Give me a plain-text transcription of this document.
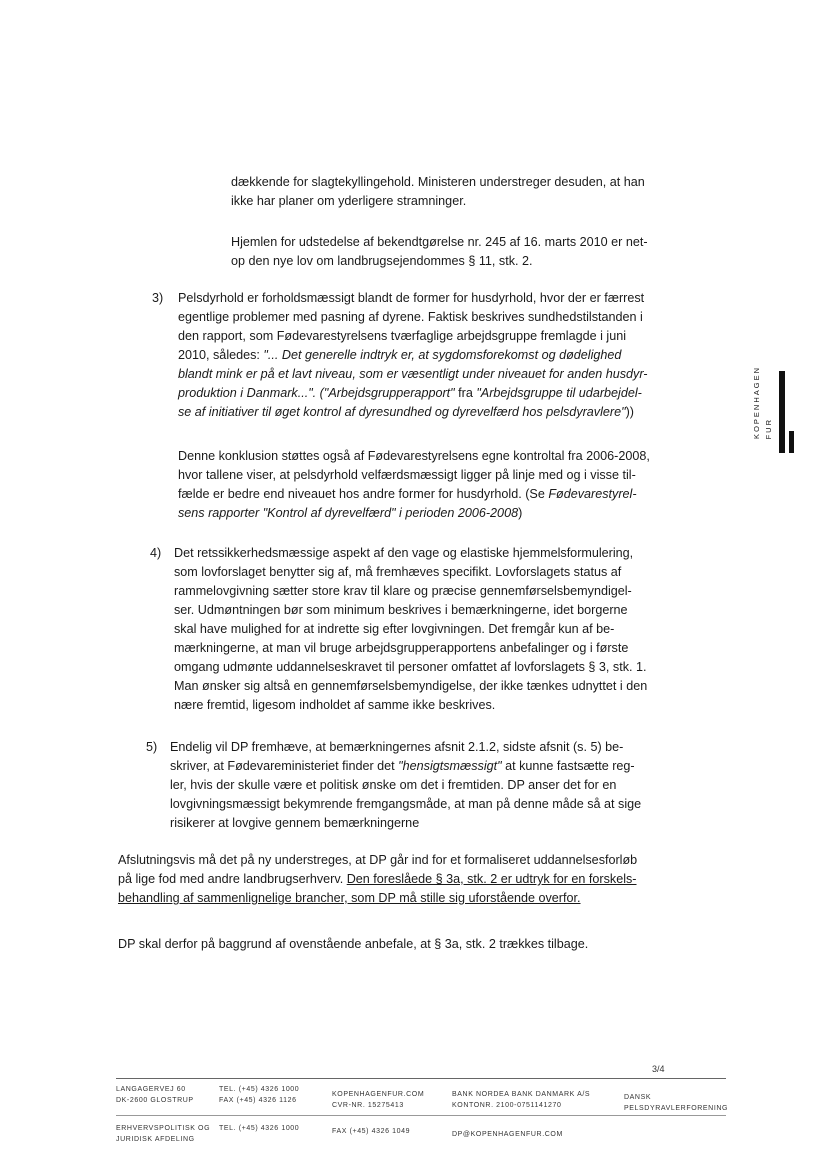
dækkende for slagtekyllingehold. Ministeren understreger desuden, at han
ikke har planer om yderligere stramninger.
Hjemlen for udstedelse af bekendtgørelse nr. 245 af 16. marts 2010 er net-
op den nye lov om landbrugsejendommes § 11, stk. 2.
3) Pelsdyrhold er forholdsmæssigt blandt de former for husdyrhold, hvor der er færrest
egentlige problemer med pasning af dyrene. Faktisk beskrives sundhedstilstanden i
den rapport, som Fødevarestyrelsens tværfaglige arbejdsgruppe fremlagde i juni
2010, således: "... Det generelle indtryk er, at sygdomsforekomst og dødelighed
blandt mink er på et lavt niveau, som er væsentligt under niveauet for anden husdyr-
produktion i Danmark...". ("Arbejdsgrupperapport" fra "Arbejdsgruppe til udarbejdel-
se af initiativer til øget kontrol af dyresundhed og dyrevelfærd hos pelsdyravlere"))
Denne konklusion støttes også af Fødevarestyrelsens egne kontroltal fra 2006-2008,
hvor tallene viser, at pelsdyrhold velfærdsmæssigt ligger på linje med og i visse til-
fælde er bedre end niveauet hos andre former for husdyrhold. (Se Fødevarestyrel-
sens rapporter "Kontrol af dyrevelfærd" i perioden 2006-2008)
4) Det retssikkerhedsmæssige aspekt af den vage og elastiske hjemmelsformulering,
som lovforslaget benytter sig af, må fremhæves specifikt. Lovforslagets status af
rammelovgivning sætter store krav til klare og præcise gennemførselsbemyndigel-
ser. Udmøntningen bør som minimum beskrives i bemærkningerne, idet borgerne
skal have mulighed for at indrette sig efter lovgivningen. Det fremgår kun af be-
mærkningerne, at man vil bruge arbejdsgrupperapportens anbefalinger og i første
omgang udmønte uddannelseskravet til personer omfattet af lovforslagets § 3, stk. 1.
Man ønsker sig altså en gennemførselsbemyndigelse, der ikke tænkes udnyttet i den
nære fremtid, ligesom indholdet af samme ikke beskrives.
5) Endelig vil DP fremhæve, at bemærkningernes afsnit 2.1.2, sidste afsnit (s. 5) be-
skriver, at Fødevareministeriet finder det "hensigtsmæssigt" at kunne fastsætte reg-
ler, hvis der skulle være et politisk ønske om det i fremtiden. DP anser det for en
lovgivningsmæssigt bekymrende fremgangsmåde, at man på denne måde så at sige
risikerer at lovgive gennem bemærkningerne
Afslutningsvis må det på ny understreges, at DP går ind for et formaliseret uddannelsesforløb
på lige fod med andre landbrugserhverv. Den foreslåede § 3a, stk. 2 er udtryk for en forskels-
behandling af sammenlignelige brancher, som DP må stille sig uforstående overfor.
DP skal derfor på baggrund af ovenstående anbefale, at § 3a, stk. 2 trækkes tilbage.
KOPENHAGEN FUR
3/4
LANGAGERVEJ 60
DK-2600 GLOSTRUP
TEL. (+45) 4326 1000
FAX (+45) 4326 1126
KOPENHAGENFUR.COM
CVR-NR. 15275413
BANK NORDEA BANK DANMARK A/S
KONTONR. 2100-0751141270
DANSK
PELSDYRAVLERFORENING
ERHVERVSPOLITISK OG
JURIDISK AFDELING
TEL. (+45) 4326 1000	FAX (+45) 4326 1049	DP@KOPENHAGENFUR.COM
